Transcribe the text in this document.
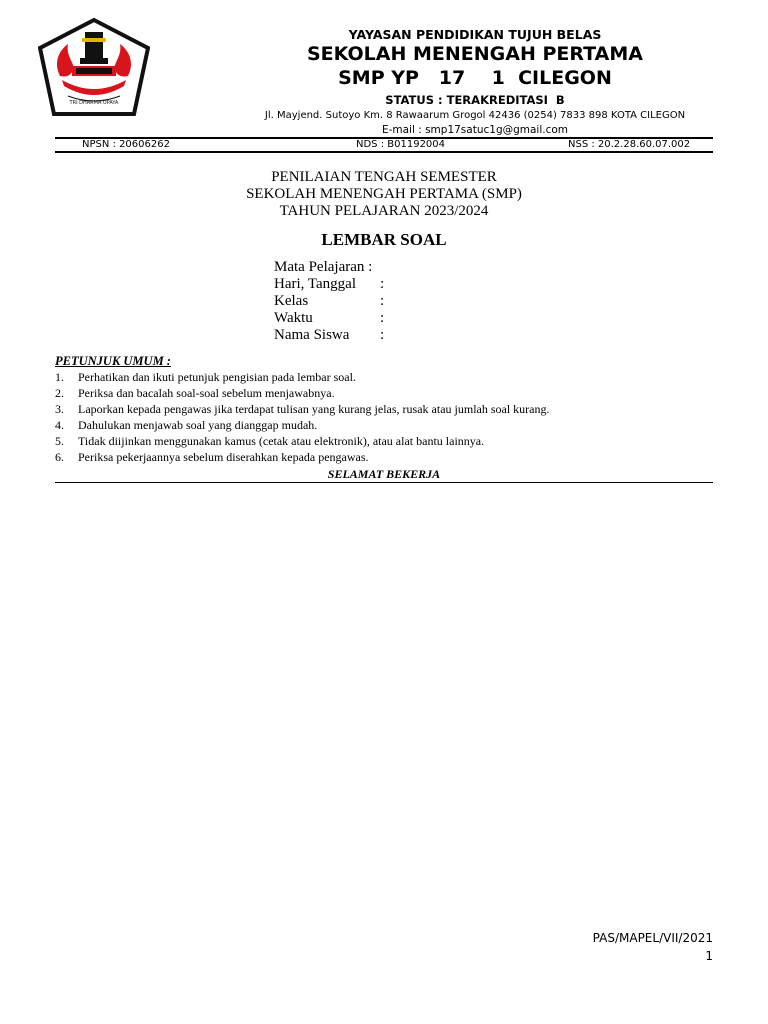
TRI DHARMA UPAYA
YAYASAN PENDIDIKAN TUJUH BELAS
SEKOLAH MENENGAH PERTAMA
SMP YP   17    1  CILEGON
STATUS : TERAKREDITASI  B
Jl. Mayjend. Sutoyo Km. 8 Rawaarum Grogol 42436 (0254) 7833 898 KOTA CILEGON
E-mail : smp17satuc1g@gmail.com
NPSN : 20606262	NDS : B01192004	NSS : 20.2.28.60.07.002
PENILAIAN TENGAH SEMESTER
SEKOLAH MENENGAH PERTAMA (SMP)
TAHUN PELAJARAN 2023/2024
LEMBAR SOAL
Mata Pelajaran :
Hari, Tanggal :
Kelas	:
Waktu	:
Nama Siswa :
PETUNJUK UMUM :
1.	Perhatikan dan ikuti petunjuk pengisian pada lembar soal.
2.	Periksa dan bacalah soal-soal sebelum menjawabnya.
3.	Laporkan kepada pengawas jika terdapat tulisan yang kurang jelas, rusak atau jumlah soal kurang.
4.	Dahulukan menjawab soal yang dianggap mudah.
5.	Tidak diijinkan menggunakan kamus (cetak atau elektronik), atau alat bantu lainnya.
6.	Periksa pekerjaannya sebelum diserahkan kepada pengawas.
SELAMAT BEKERJA
PAS/MAPEL/VII/2021
1
